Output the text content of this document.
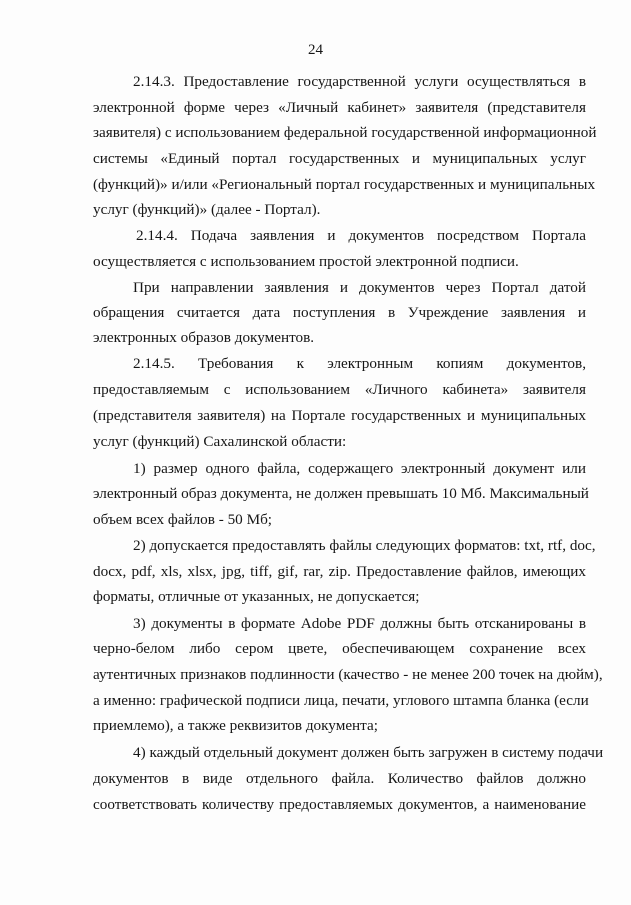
24
2.14.3. Предоставление государственной услуги осуществляться в
электронной форме через «Личный кабинет» заявителя (представителя
заявителя) с использованием федеральной государственной информационной
системы «Единый портал государственных и муниципальных услуг
(функций)» и/или «Региональный портал государственных и муниципальных
услуг (функций)» (далее - Портал).
2.14.4. Подача заявления и документов посредством Портала
осуществляется с использованием простой электронной подписи.
При направлении заявления и документов через Портал датой
обращения считается дата поступления в Учреждение заявления и
электронных образов документов.
2.14.5. Требования к электронным копиям документов,
предоставляемым с использованием «Личного кабинета» заявителя
(представителя заявителя) на Портале государственных и муниципальных
услуг (функций) Сахалинской области:
1) размер одного файла, содержащего электронный документ или
электронный образ документа, не должен превышать 10 Мб. Максимальный
объем всех файлов - 50 Мб;
2) допускается предоставлять файлы следующих форматов: txt, rtf, doc,
docx, pdf, xls, xlsx, jpg, tiff, gif, rar, zip. Предоставление файлов, имеющих
форматы, отличные от указанных, не допускается;
3) документы в формате Adobe PDF должны быть отсканированы в
черно-белом либо сером цвете, обеспечивающем сохранение всех
аутентичных признаков подлинности (качество - не менее 200 точек на дюйм),
а именно: графической подписи лица, печати, углового штампа бланка (если
приемлемо), а также реквизитов документа;
4) каждый отдельный документ должен быть загружен в систему подачи
документов в виде отдельного файла. Количество файлов должно
соответствовать количеству предоставляемых документов, а наименование
